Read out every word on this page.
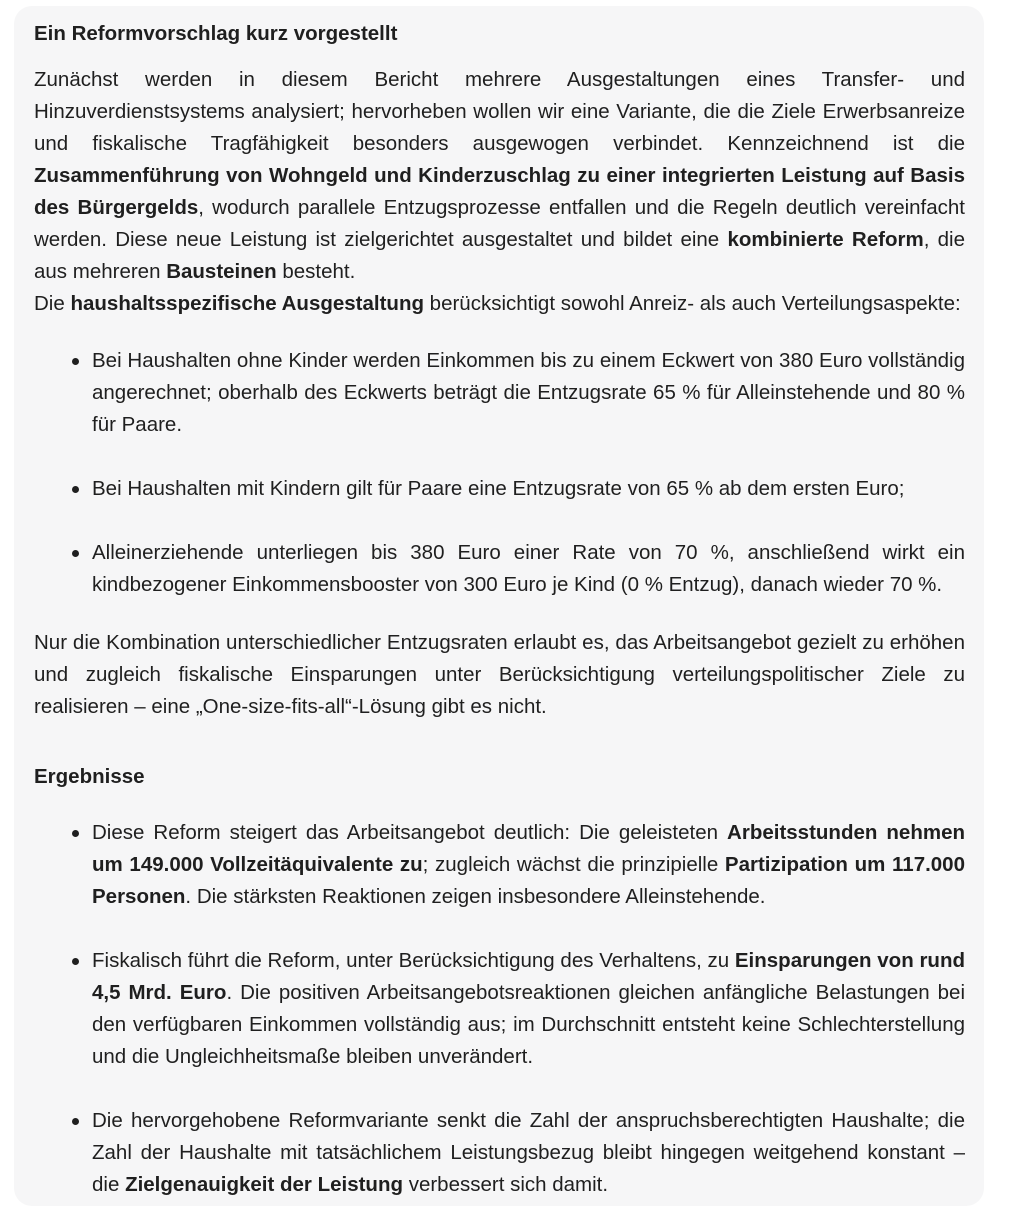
Ein Reformvorschlag kurz vorgestellt

Zunächst werden in diesem Bericht mehrere Ausgestaltungen eines Transfer- und Hinzuverdienstsystems analysiert; hervorheben wollen wir eine Variante, die die Ziele Erwerbsanreize und fiskalische Tragfähigkeit besonders ausgewogen verbindet. Kennzeichnend ist die Zusammenführung von Wohngeld und Kinderzuschlag zu einer integrierten Leistung auf Basis des Bürgergelds, wodurch parallele Entzugsprozesse entfallen und die Regeln deutlich vereinfacht werden. Diese neue Leistung ist zielgerichtet ausgestaltet und bildet eine kombinierte Reform, die aus mehreren Bausteinen besteht.

Die haushaltsspezifische Ausgestaltung berücksichtigt sowohl Anreiz- als auch Verteilungsaspekte:

Bei Haushalten ohne Kinder werden Einkommen bis zu einem Eckwert von 380 Euro vollständig angerechnet; oberhalb des Eckwerts beträgt die Entzugsrate 65 % für Alleinstehende und 80 % für Paare.
Bei Haushalten mit Kindern gilt für Paare eine Entzugsrate von 65 % ab dem ersten Euro;
Alleinerziehende unterliegen bis 380 Euro einer Rate von 70 %, anschließend wirkt ein kindbezogener Einkommensbooster von 300 Euro je Kind (0 % Entzug), danach wieder 70 %.

Nur die Kombination unterschiedlicher Entzugsraten erlaubt es, das Arbeitsangebot gezielt zu erhöhen und zugleich fiskalische Einsparungen unter Berücksichtigung verteilungspolitischer Ziele zu realisieren – eine „One-size-fits-all“-Lösung gibt es nicht.

Ergebnisse
Diese Reform steigert das Arbeitsangebot deutlich: Die geleisteten Arbeitsstunden nehmen um 149.000 Vollzeitäquivalente zu; zugleich wächst die prinzipielle Partizipation um 117.000 Personen. Die stärksten Reaktionen zeigen insbesondere Alleinstehende.
Fiskalisch führt die Reform, unter Berücksichtigung des Verhaltens, zu Einsparungen von rund 4,5 Mrd. Euro. Die positiven Arbeitsangebotsreaktionen gleichen anfängliche Belastungen bei den verfügbaren Einkommen vollständig aus; im Durchschnitt entsteht keine Schlechterstellung und die Ungleichheitsmaße bleiben unverändert.
Die hervorgehobene Reformvariante senkt die Zahl der anspruchsberechtigten Haushalte; die Zahl der Haushalte mit tatsächlichem Leistungsbezug bleibt hingegen weitgehend konstant – die Zielgenauigkeit der Leistung verbessert sich damit.
